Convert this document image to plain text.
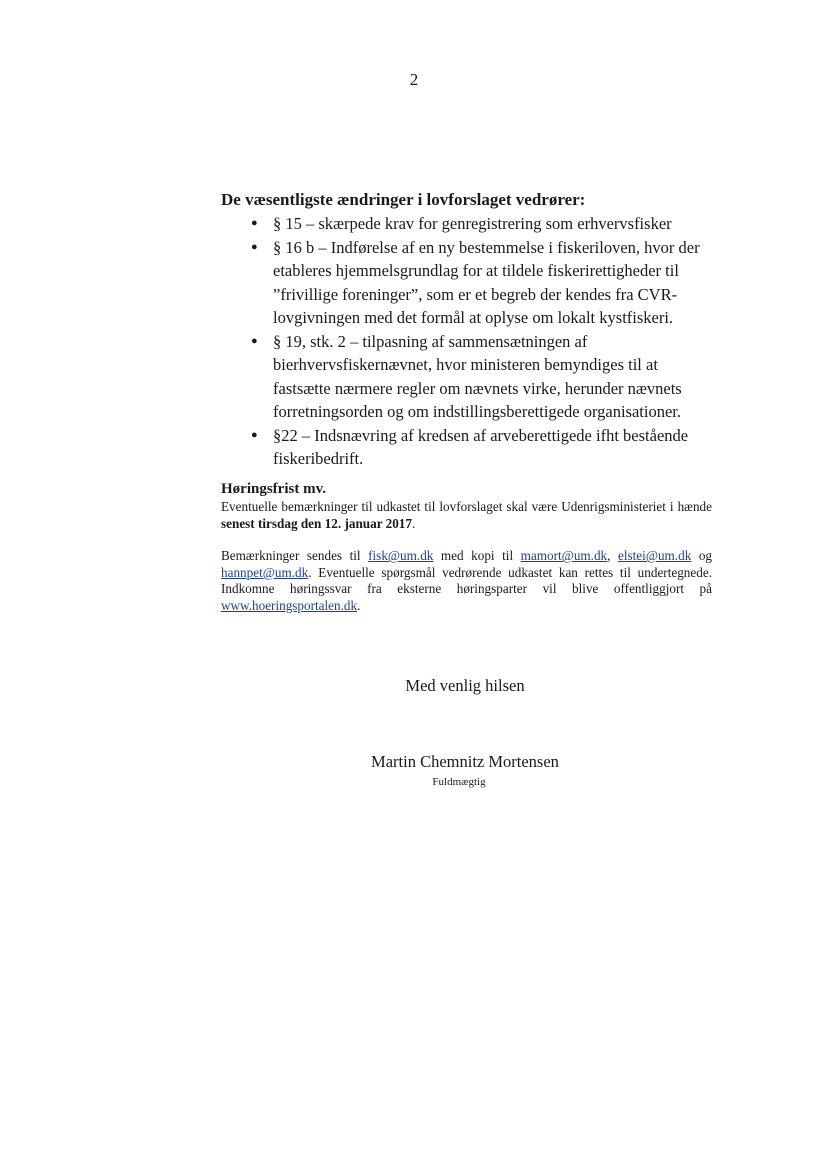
2
De væsentligste ændringer i lovforslaget vedrører:
● § 15 – skærpede krav for genregistrering som erhvervsfisker
● § 16 b – Indførelse af en ny bestemmelse i fiskeriloven, hvor der etableres hjemmelsgrundlag for at tildele fiskerirettigheder til ”frivillige foreninger”, som er et begreb der kendes fra CVR-lovgivningen med det formål at oplyse om lokalt kystfiskeri.
● § 19, stk. 2 – tilpasning af sammensætningen af bierhvervsfiskernævnet, hvor ministeren bemyndiges til at fastsætte nærmere regler om nævnets virke, herunder nævnets forretningsorden og om indstillingsberettigede organisationer.
● §22 – Indsnævring af kredsen af arveberettigede ifht bestående fiskeribedrift.
Høringsfrist mv.

Eventuelle bemærkninger til udkastet til lovforslaget skal være Udenrigsministeriet i hænde senest tirsdag den 12. januar 2017.

Bemærkninger sendes til fisk@um.dk med kopi til mamort@um.dk, elstei@um.dk og hannpet@um.dk. Eventuelle spørgsmål vedrørende udkastet kan rettes til undertegnede. Indkomne høringssvar fra eksterne høringsparter vil blive offentliggjort på www.hoeringsportalen.dk.

Med venlig hilsen
Martin Chemnitz Mortensen
Fuldmægtig
